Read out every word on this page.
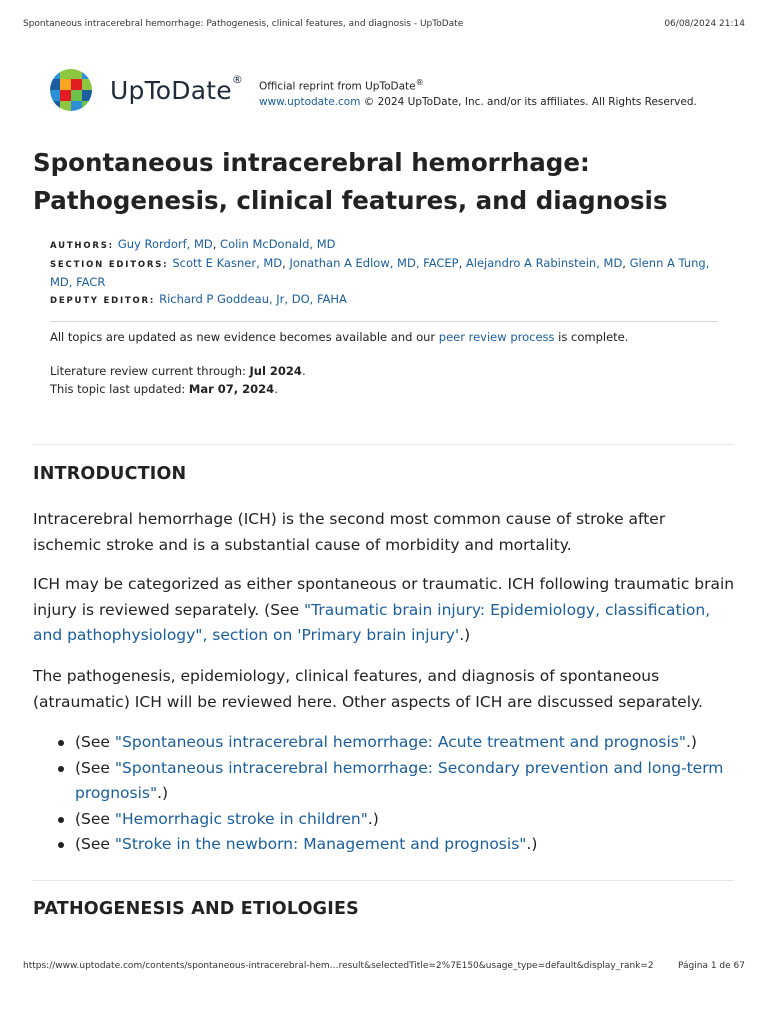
Spontaneous intracerebral hemorrhage: Pathogenesis, clinical features, and diagnosis - UpToDate	06/08/2024 21:14
UpToDate®
Official reprint from UpToDate®
www.uptodate.com © 2024 UpToDate, Inc. and/or its affiliates. All Rights Reserved.
Spontaneous intracerebral hemorrhage: Pathogenesis, clinical features, and diagnosis
AUTHORS: Guy Rordorf, MD, Colin McDonald, MD
SECTION EDITORS: Scott E Kasner, MD, Jonathan A Edlow, MD, FACEP, Alejandro A Rabinstein, MD, Glenn A Tung, MD, FACR
DEPUTY EDITOR: Richard P Goddeau, Jr, DO, FAHA
All topics are updated as new evidence becomes available and our peer review process is complete.
Literature review current through: Jul 2024.
This topic last updated: Mar 07, 2024.
INTRODUCTION

Intracerebral hemorrhage (ICH) is the second most common cause of stroke after ischemic stroke and is a substantial cause of morbidity and mortality.

ICH may be categorized as either spontaneous or traumatic. ICH following traumatic brain injury is reviewed separately. (See "Traumatic brain injury: Epidemiology, classification, and pathophysiology", section on 'Primary brain injury'.)

The pathogenesis, epidemiology, clinical features, and diagnosis of spontaneous (atraumatic) ICH will be reviewed here. Other aspects of ICH are discussed separately.

(See "Spontaneous intracerebral hemorrhage: Acute treatment and prognosis".)
(See "Spontaneous intracerebral hemorrhage: Secondary prevention and long-term prognosis".)
(See "Hemorrhagic stroke in children".)
(See "Stroke in the newborn: Management and prognosis".)
PATHOGENESIS AND ETIOLOGIES
https://www.uptodate.com/contents/spontaneous-intracerebral-hem…result&selectedTitle=2%7E150&usage_type=default&display_rank=2	Página 1 de 67
